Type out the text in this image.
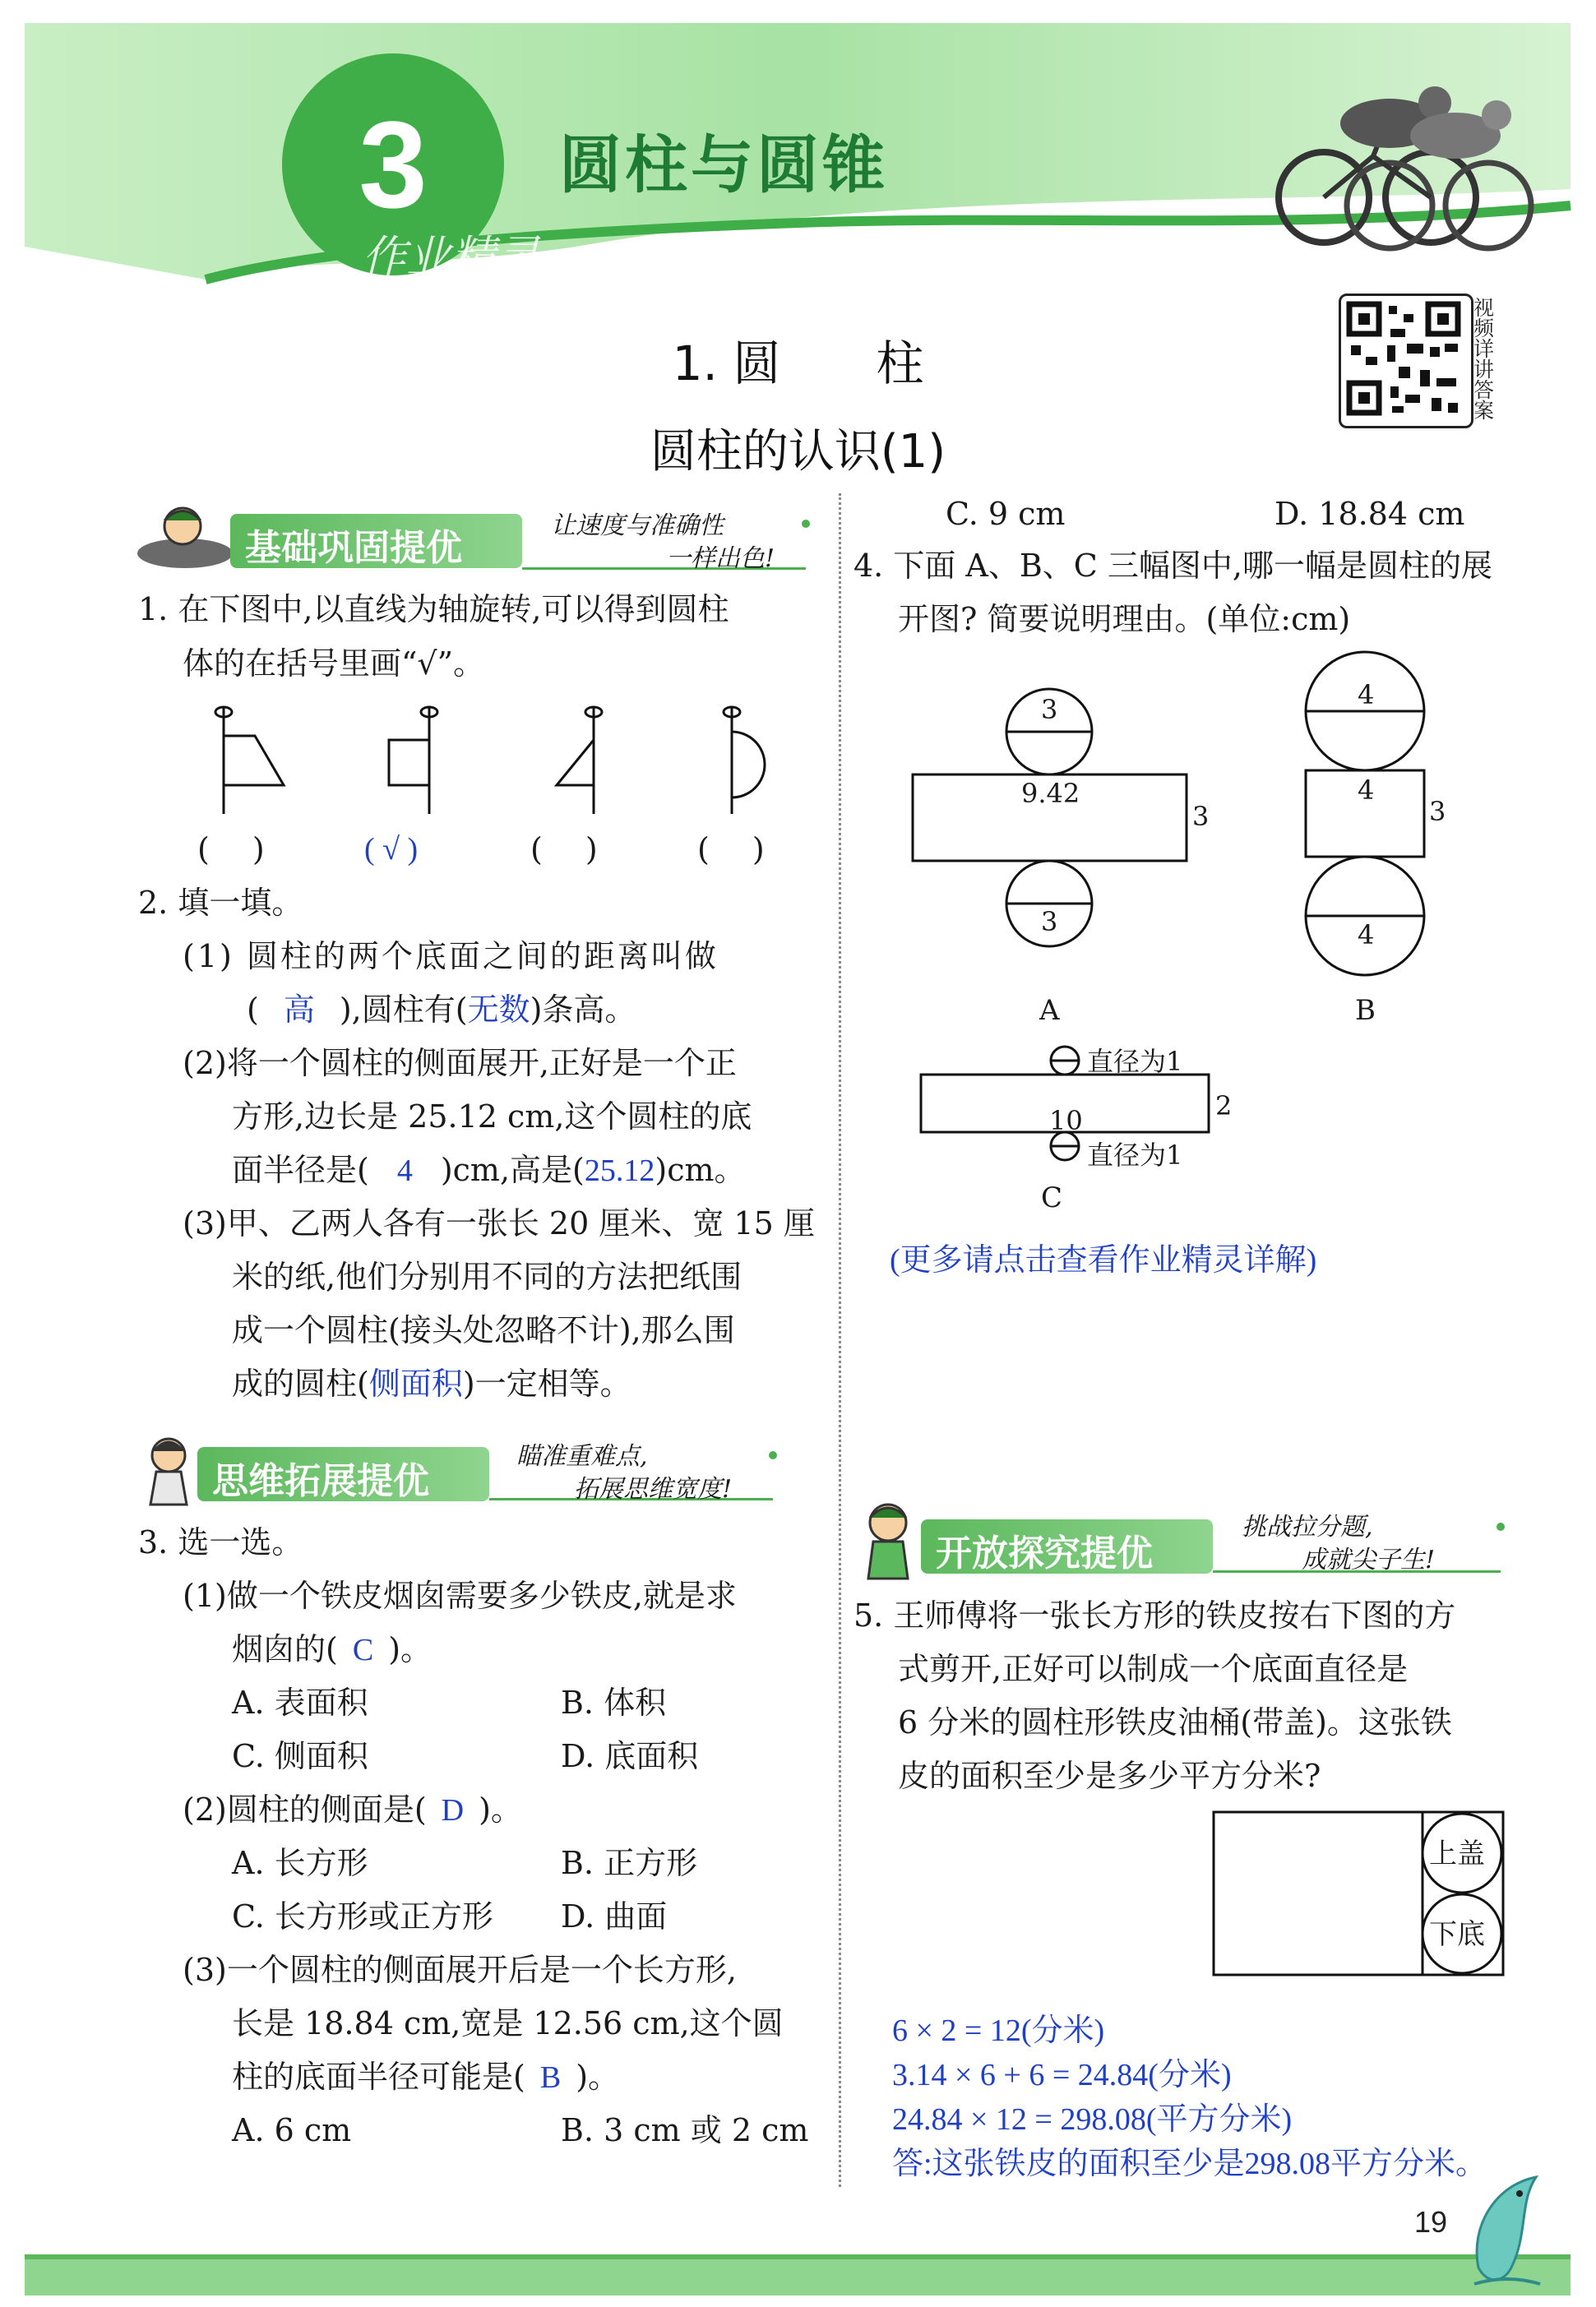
3 圆柱与圆锥
作业精灵
视频详讲答案
1. 圆　　柱
圆柱的认识(1)
基础巩固提优
让速度与准确性
一样出色!
1. 在下图中,以直线为轴旋转,可以得到圆柱
体的在括号里画“√”。
( )	( √ )	( )	( )
2. 填一填。
(1) 圆柱的两个底面之间的距离叫做
( 高 ),圆柱有(无数)条高。
(2)将一个圆柱的侧面展开,正好是一个正
方形,边长是 25.12 cm,这个圆柱的底
面半径是( 4 )cm,高是(25.12)cm。
(3)甲、乙两人各有一张长 20 厘米、宽 15 厘
米的纸,他们分别用不同的方法把纸围
成一个圆柱(接头处忽略不计),那么围
成的圆柱(侧面积)一定相等。
思维拓展提优
瞄准重难点,
拓展思维宽度!
3. 选一选。
(1)做一个铁皮烟囱需要多少铁皮,就是求
烟囱的( C )。
A. 表面积	B. 体积
C. 侧面积	D. 底面积
(2)圆柱的侧面是( D )。
A. 长方形	B. 正方形
C. 长方形或正方形 D. 曲面
(3)一个圆柱的侧面展开后是一个长方形,
长是 18.84 cm,宽是 12.56 cm,这个圆
柱的底面半径可能是( B )。
A. 6 cm	B. 3 cm 或 2 cm
C. 9 cm	D. 18.84 cm
4. 下面 A、B、C 三幅图中,哪一幅是圆柱的展
开图? 简要说明理由。(单位:cm)
3
9.42
3
3
A
4
4
3
4
B
直径为1
10	2
直径为1
C
(更多请点击查看作业精灵详解)
开放探究提优
挑战拉分题,
成就尖子生!
5. 王师傅将一张长方形的铁皮按右下图的方
式剪开,正好可以制成一个底面直径是
6 分米的圆柱形铁皮油桶(带盖)。这张铁
皮的面积至少是多少平方分米?
上盖
下底
6 × 2 = 12(分米)
3.14 × 6 + 6 = 24.84(分米)
24.84 × 12 = 298.08(平方分米)
答:这张铁皮的面积至少是298.08平方分米。
19
